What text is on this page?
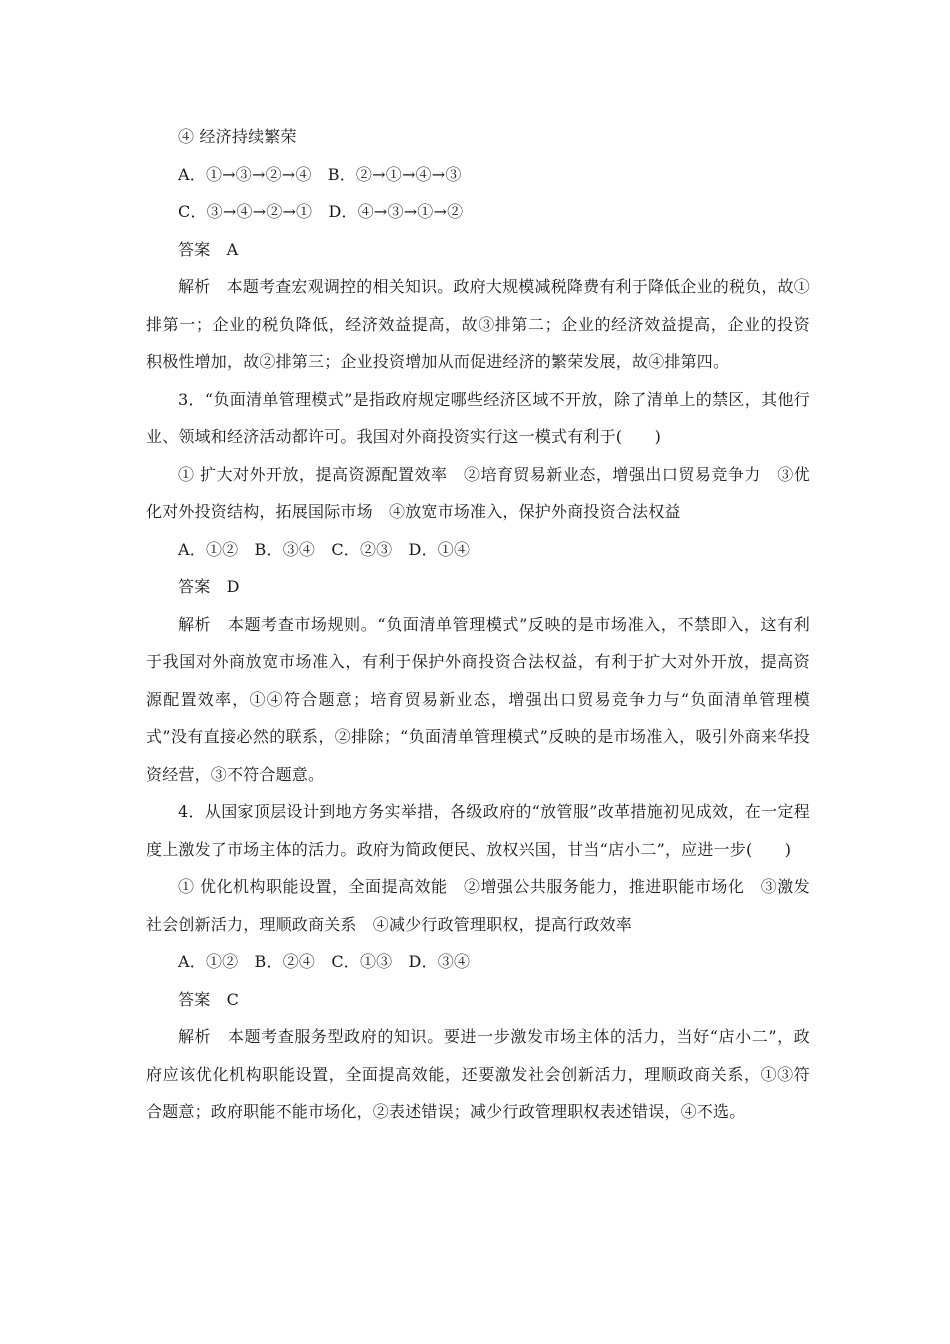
④ 经济持续繁荣
A．①→③→②→④　B．②→①→④→③
C．③→④→②→①　D．④→③→①→②
答案　A

解析　本题考查宏观调控的相关知识。政府大规模减税降费有利于降低企业的税负，故①排第一；企业的税负降低，经济效益提高，故③排第二；企业的经济效益提高，企业的投资积极性增加，故②排第三；企业投资增加从而促进经济的繁荣发展，故④排第四。

3．“负面清单管理模式”是指政府规定哪些经济区域不开放，除了清单上的禁区，其他行业、领域和经济活动都许可。我国对外商投资实行这一模式有利于(　　)

① 扩大对外开放，提高资源配置效率　②培育贸易新业态，增强出口贸易竞争力　③优化对外投资结构，拓展国际市场　④放宽市场准入，保护外商投资合法权益

A．①②　B．③④　C．②③　D．①④
答案　D

解析　本题考查市场规则。“负面清单管理模式”反映的是市场准入，不禁即入，这有利于我国对外商放宽市场准入，有利于保护外商投资合法权益，有利于扩大对外开放，提高资源配置效率，①④符合题意；培育贸易新业态，增强出口贸易竞争力与“负面清单管理模式”没有直接必然的联系，②排除；“负面清单管理模式”反映的是市场准入，吸引外商来华投资经营，③不符合题意。

4．从国家顶层设计到地方务实举措，各级政府的“放管服”改革措施初见成效，在一定程度上激发了市场主体的活力。政府为简政便民、放权兴国，甘当“店小二”，应进一步(　　)

① 优化机构职能设置，全面提高效能　②增强公共服务能力，推进职能市场化　③激发社会创新活力，理顺政商关系　④减少行政管理职权，提高行政效率

A．①②　B．②④　C．①③　D．③④
答案　C

解析　本题考查服务型政府的知识。要进一步激发市场主体的活力，当好“店小二”，政府应该优化机构职能设置，全面提高效能，还要激发社会创新活力，理顺政商关系，①③符合题意；政府职能不能市场化，②表述错误；减少行政管理职权表述错误，④不选。
